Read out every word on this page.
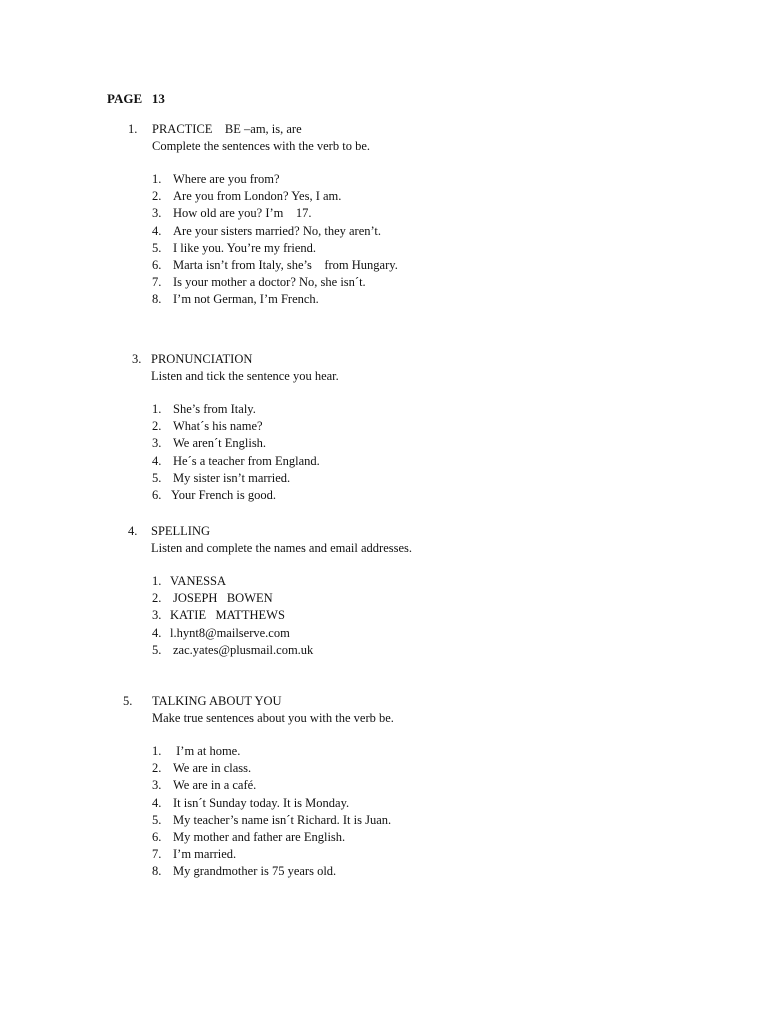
PAGE   13
1. PRACTICE    BE –am, is, are
Complete the sentences with the verb to be.
1. Where are you from?
2. Are you from London? Yes, I am.
3. How old are you? I’m    17.
4. Are your sisters married? No, they aren’t.
5. I like you. You’re my friend.
6. Marta isn’t from Italy, she’s    from Hungary.
7. Is your mother a doctor? No, she isn´t.
8. I’m not German, I’m French.
3. PRONUNCIATION
Listen and tick the sentence you hear.
1. She’s from Italy.
2. What´s his name?
3. We aren´t English.
4. He´s a teacher from England.
5. My sister isn’t married.
6. Your French is good.
4. SPELLING
Listen and complete the names and email addresses.
1. VANESSA
2. JOSEPH   BOWEN
3. KATIE   MATTHEWS
4. l.hynt8@mailserve.com
5. zac.yates@plusmail.com.uk
5. TALKING ABOUT YOU
Make true sentences about you with the verb be.
1. I’m at home.
2. We are in class.
3. We are in a café.
4. It isn´t Sunday today. It is Monday.
5. My teacher’s name isn´t Richard. It is Juan.
6. My mother and father are English.
7. I’m married.
8. My grandmother is 75 years old.
